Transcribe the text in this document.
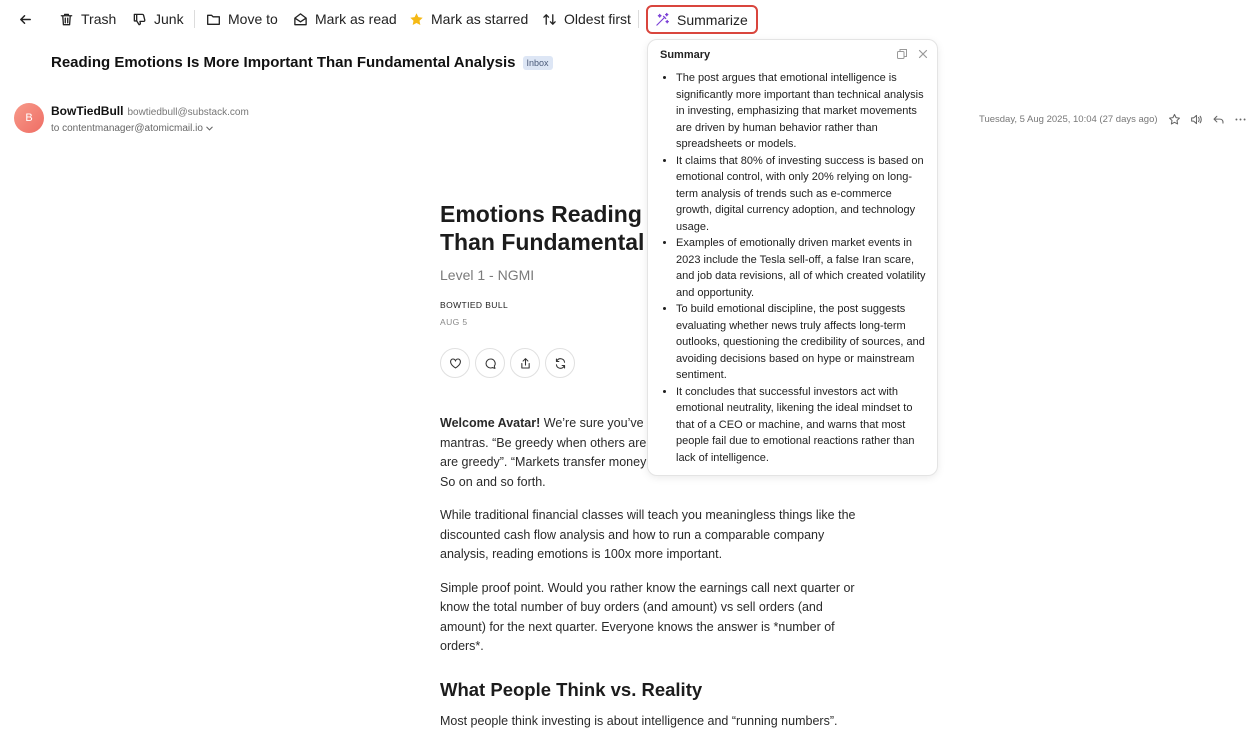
Trash	Junk	Move to	Mark as read Mark as starred	Oldest first	Summarize
Reading Emotions Is More Important Than Fundamental Analysis	Inbox
B	BowTiedBull bowtiedbull@substack.com
to contentmanager@atomicmail.io
Tuesday, 5 Aug 2025, 10:04 (27 days ago)
Emotions Reading
Than Fundamental
Level 1 - NGMI
BOWTIED BULL
AUG 5

Welcome Avatar! We’re sure you’ve
mantras. “Be greedy when others are
are greedy”. “Markets transfer money
So on and so forth.

While traditional financial classes will teach you meaningless things like the discounted cash flow analysis and how to run a comparable company analysis, reading emotions is 100x more important.

Simple proof point. Would you rather know the earnings call next quarter or know the total number of buy orders (and amount) vs sell orders (and amount) for the next quarter. Everyone knows the answer is *number of orders*.

What People Think vs. Reality
Most people think investing is about intelligence and “running numbers”.
Summary
• The post argues that emotional intelligence is significantly more important than technical analysis in investing, emphasizing that market movements are driven by human behavior rather than spreadsheets or models.
• It claims that 80% of investing success is based on emotional control, with only 20% relying on long-term analysis of trends such as e-commerce growth, digital currency adoption, and technology usage.
• Examples of emotionally driven market events in 2023 include the Tesla sell-off, a false Iran scare, and job data revisions, all of which created volatility and opportunity.
• To build emotional discipline, the post suggests evaluating whether news truly affects long-term outlooks, questioning the credibility of sources, and avoiding decisions based on hype or mainstream sentiment.
• It concludes that successful investors act with emotional neutrality, likening the ideal mindset to that of a CEO or machine, and warns that most people fail due to emotional reactions rather than lack of intelligence.
